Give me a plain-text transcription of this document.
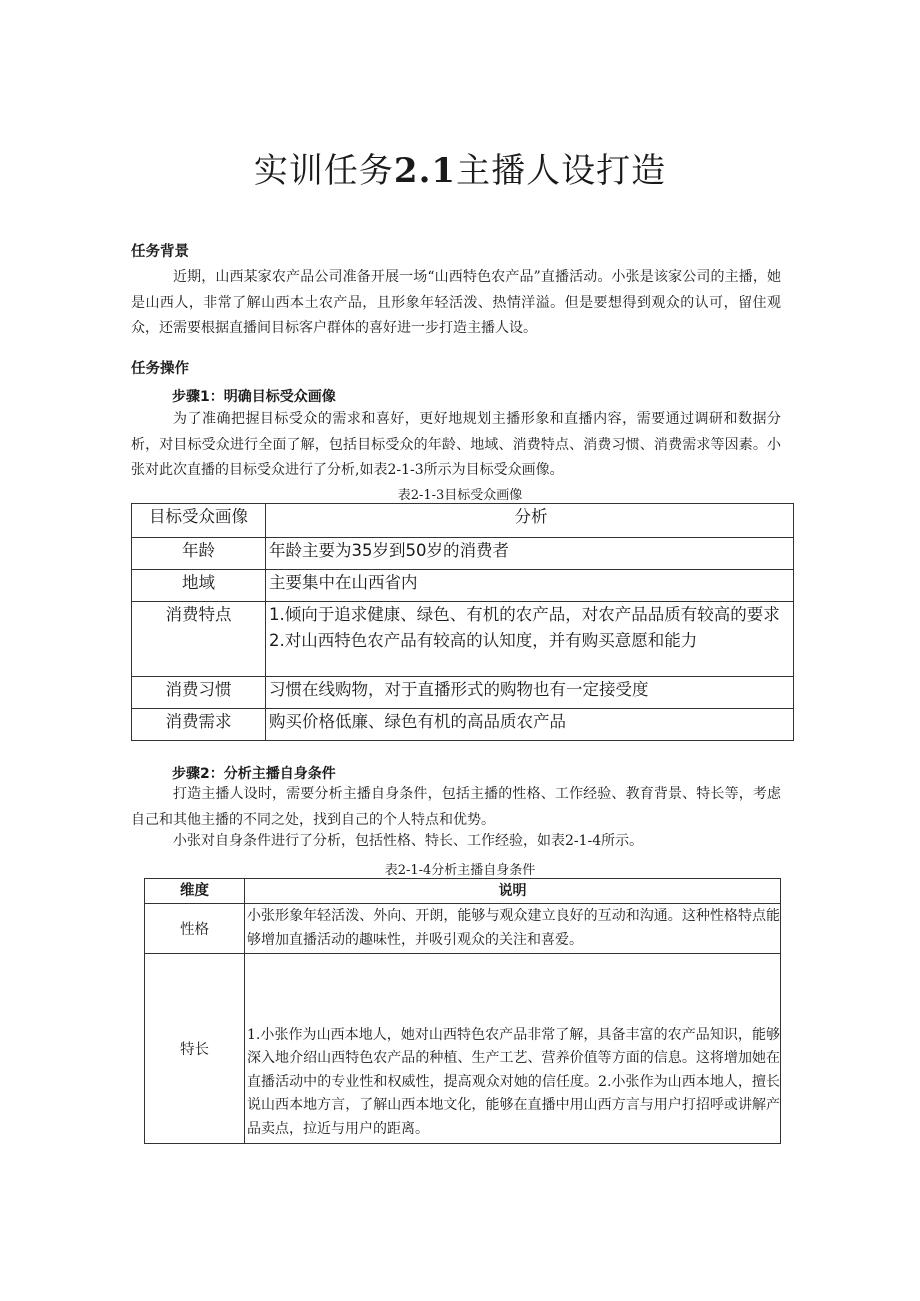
实训任务2.1主播人设打造
任务背景

近期，山西某家农产品公司准备开展一场“山西特色农产品”直播活动。小张是该家公司的主播，她是山西人，非常了解山西本土农产品，且形象年轻活泼、热情洋溢。但是要想得到观众的认可，留住观众，还需要根据直播间目标客户群体的喜好进一步打造主播人设。

任务操作
步骤1：明确目标受众画像

为了准确把握目标受众的需求和喜好，更好地规划主播形象和直播内容，需要通过调研和数据分析，对目标受众进行全面了解，包括目标受众的年龄、地域、消费特点、消费习惯、消费需求等因素。小张对此次直播的目标受众进行了分析,如表2-1-3所示为目标受众画像。

表2-1-3目标受众画像
目标受众画像	分析
年龄	年龄主要为35岁到50岁的消费者
地域	主要集中在山西省内
消费特点	1.倾向于追求健康、绿色、有机的农产品，对农产品品质有较高的要求2.对山西特色农产品有较高的认知度，并有购买意愿和能力
消费习惯	习惯在线购物，对于直播形式的购物也有一定接受度
消费需求	购买价格低廉、绿色有机的高品质农产品
步骤2：分析主播自身条件

打造主播人设时，需要分析主播自身条件，包括主播的性格、工作经验、教育背景、特长等，考虑自己和其他主播的不同之处，找到自己的个人特点和优势。

小张对自身条件进行了分析，包括性格、特长、工作经验，如表2-1-4所示。

表2-1-4分析主播自身条件
维度	说明
性格	小张形象年轻活泼、外向、开朗，能够与观众建立良好的互动和沟通。这种性格特点能够增加直播活动的趣味性，并吸引观众的关注和喜爱。
特长	1.小张作为山西本地人，她对山西特色农产品非常了解，具备丰富的农产品知识，能够深入地介绍山西特色农产品的种植、生产工艺、营养价值等方面的信息。这将增加她在直播活动中的专业性和权威性，提高观众对她的信任度。2.小张作为山西本地人，擅长说山西本地方言，了解山西本地文化，能够在直播中用山西方言与用户打招呼或讲解产品卖点，拉近与用户的距离。
